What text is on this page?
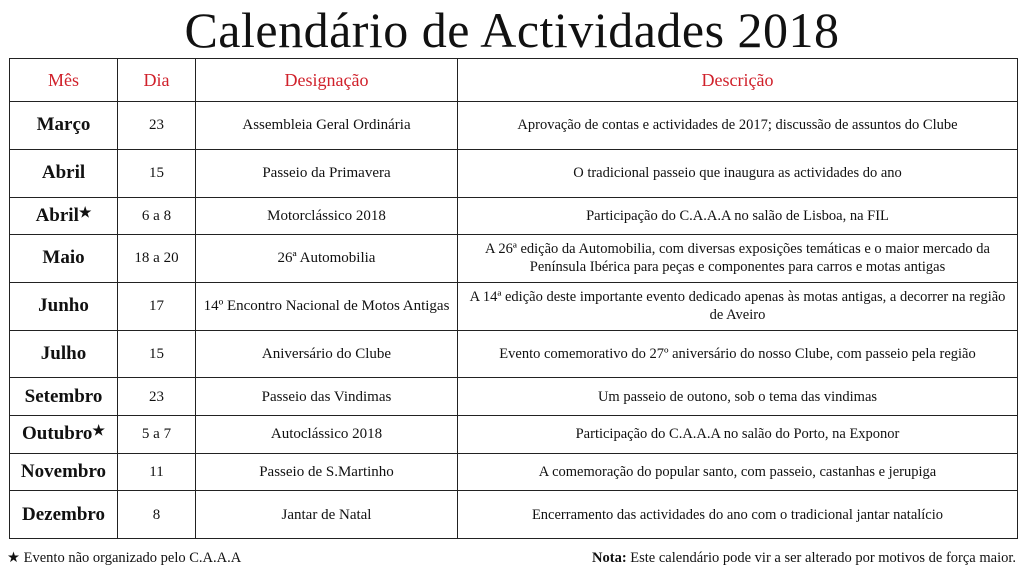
Calendário de Actividades 2018
Mês	Dia	Designação	Descrição
Março	23	Assembleia Geral Ordinária	Aprovação de contas e actividades de 2017; discussão de assuntos do Clube
Abril	15	Passeio da Primavera	O tradicional passeio que inaugura as actividades do ano
Abril★	6 a 8	Motorclássico 2018	Participação do C.A.A.A no salão de Lisboa, na FIL
Maio	18 a 20	26ª Automobilia	A 26ª edição da Automobilia, com diversas exposições temáticas e o maior mercado da Península Ibérica para peças e componentes para carros e motas antigas
Junho	17	14º Encontro Nacional de Motos Antigas	A 14ª edição deste importante evento dedicado apenas às motas antigas, a decorrer na região de Aveiro
Julho	15	Aniversário do Clube	Evento comemorativo do 27º aniversário do nosso Clube, com passeio pela região
Setembro	23	Passeio das Vindimas	Um passeio de outono, sob o tema das vindimas
Outubro★	5 a 7	Autoclássico 2018	Participação do C.A.A.A no salão do Porto, na Exponor
Novembro	11	Passeio de S.Martinho	A comemoração do popular santo, com passeio, castanhas e jerupiga
Dezembro	8	Jantar de Natal	Encerramento das actividades do ano com o tradicional jantar natalício
★ Evento não organizado pelo C.A.A.A	Nota: Este calendário pode vir a ser alterado por motivos de força maior.
